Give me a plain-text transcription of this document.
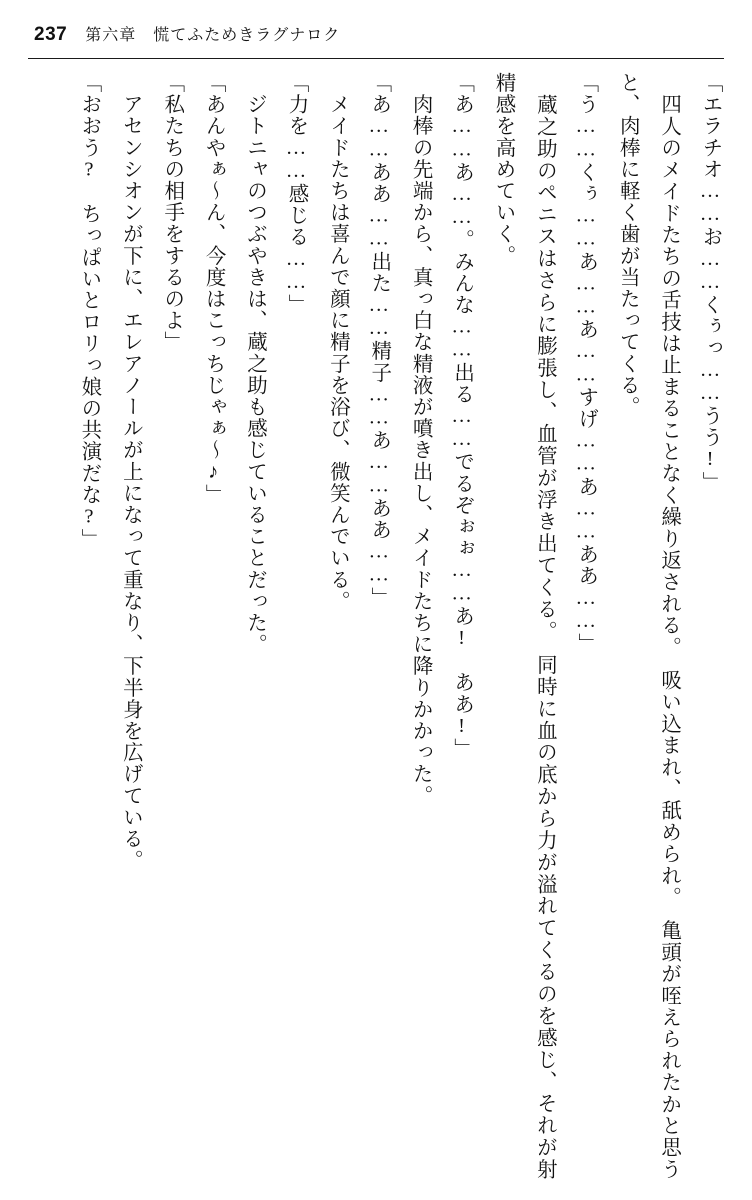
237 第六章　慌てふためきラグナロク

「エラチオ……お……くぅっ……うう!」

　四人のメイドたちの舌技は止まることなく繰り返される。　吸い込まれ、舐められ。　亀頭が咥えられたかと思うと、肉棒に軽く歯が当たってくる。

「う……くぅ……あ……あ……すげ……あ……ああ……」

　蔵之助のペニスはさらに膨張し、血管が浮き出てくる。　同時に血の底から力が溢れてくるのを感じ、それが射精感を高めていく。

「あ……あ……。みんな……出る……でるぞぉぉ……あ!　ああ!」

　肉棒の先端から、真っ白な精液が噴き出し、メイドたちに降りかかった。

「あ……ああ……出た……精子……あ……ああ……」

　メイドたちは喜んで顔に精子を浴び、微笑んでいる。

「力を……感じる……」

　ジトニャのつぶやきは、蔵之助も感じていることだった。

「あんやぁ～ん、今度はこっちじゃぁ～♪」

「私たちの相手をするのよ」

　アセンシオンが下に、エレアノールが上になって重なり、下半身を広げている。

「おおう?　ちっぱいとロリっ娘の共演だな?」
